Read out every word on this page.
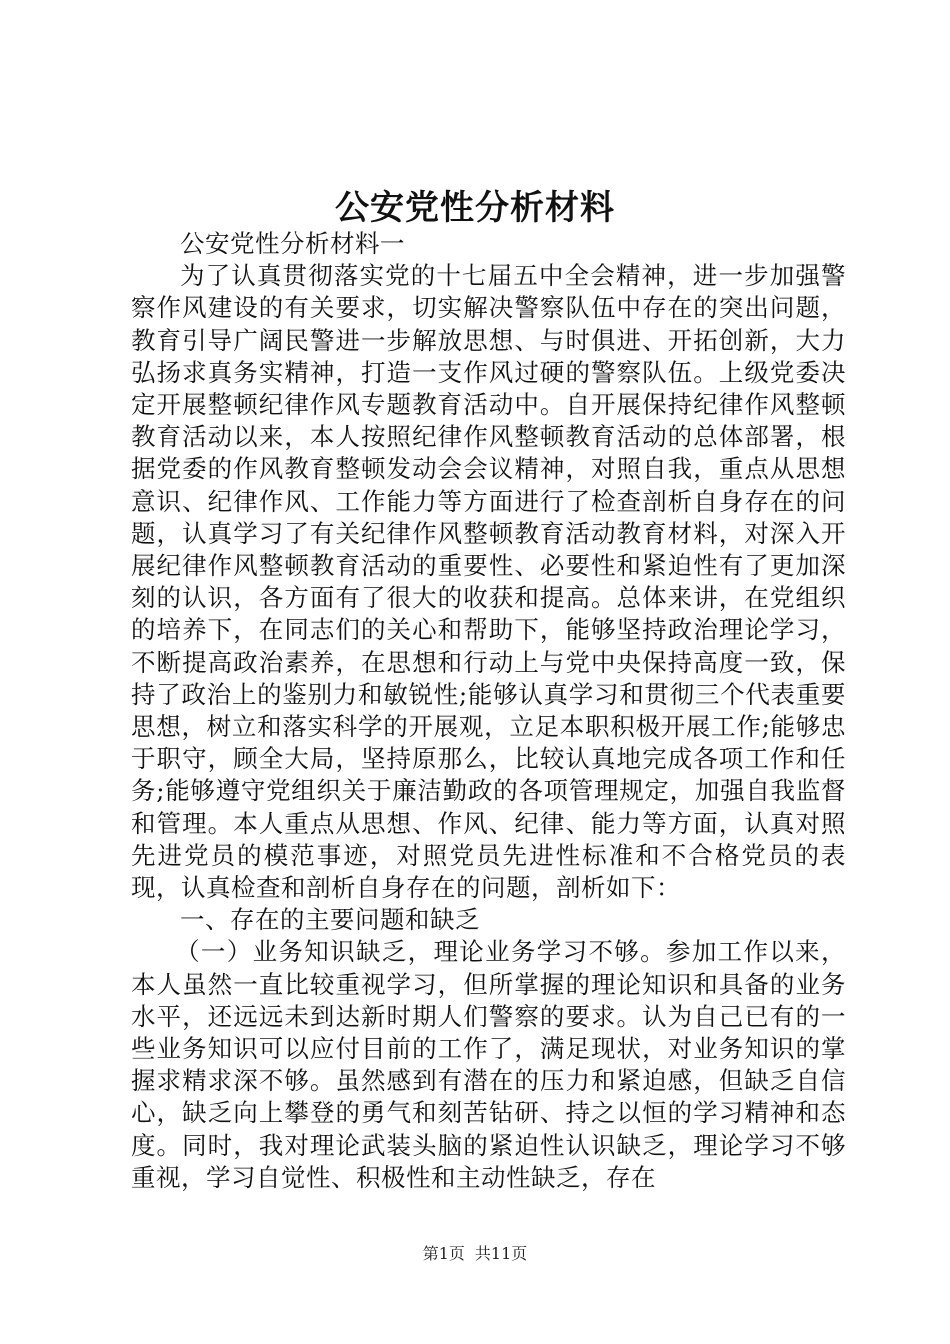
公安党性分析材料

公安党性分析材料一

为了认真贯彻落实党的十七届五中全会精神，进一步加强警察作风建设的有关要求，切实解决警察队伍中存在的突出问题，教育引导广阔民警进一步解放思想、与时俱进、开拓创新，大力弘扬求真务实精神，打造一支作风过硬的警察队伍。上级党委决定开展整顿纪律作风专题教育活动中。自开展保持纪律作风整顿教育活动以来，本人按照纪律作风整顿教育活动的总体部署，根据党委的作风教育整顿发动会会议精神，对照自我，重点从思想意识、纪律作风、工作能力等方面进行了检查剖析自身存在的问题，认真学习了有关纪律作风整顿教育活动教育材料，对深入开展纪律作风整顿教育活动的重要性、必要性和紧迫性有了更加深刻的认识，各方面有了很大的收获和提高。总体来讲，在党组织的培养下，在同志们的关心和帮助下，能够坚持政治理论学习，不断提高政治素养，在思想和行动上与党中央保持高度一致，保持了政治上的鉴别力和敏锐性;能够认真学习和贯彻三个代表重要思想，树立和落实科学的开展观，立足本职积极开展工作;能够忠于职守，顾全大局，坚持原那么，比较认真地完成各项工作和任务;能够遵守党组织关于廉洁勤政的各项管理规定，加强自我监督和管理。本人重点从思想、作风、纪律、能力等方面，认真对照先进党员的模范事迹，对照党员先进性标准和不合格党员的表现，认真检查和剖析自身存在的问题，剖析如下：

一、存在的主要问题和缺乏

（一）业务知识缺乏，理论业务学习不够。参加工作以来，本人虽然一直比较重视学习，但所掌握的理论知识和具备的业务水平，还远远未到达新时期人们警察的要求。认为自己已有的一些业务知识可以应付目前的工作了，满足现状，对业务知识的掌握求精求深不够。虽然感到有潜在的压力和紧迫感，但缺乏自信心，缺乏向上攀登的勇气和刻苦钻研、持之以恒的学习精神和态度。同时，我对理论武装头脑的紧迫性认识缺乏，理论学习不够重视，学习自觉性、积极性和主动性缺乏，存在

第1页 共11页
